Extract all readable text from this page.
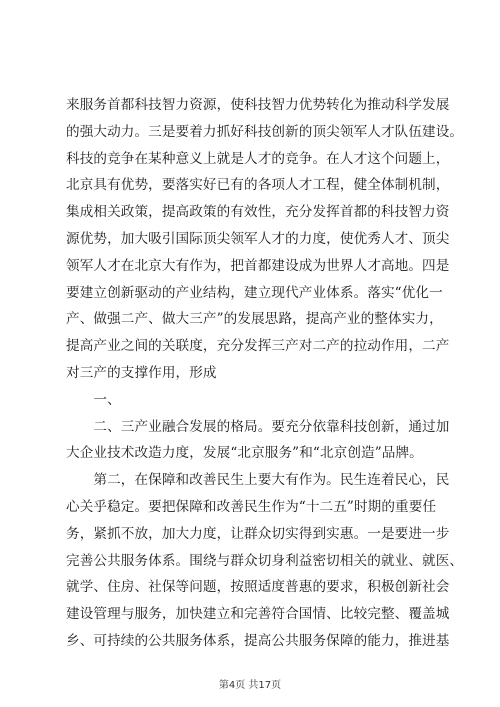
来服务首都科技智力资源，使科技智力优势转化为推动科学发展
的强大动力。三是要着力抓好科技创新的顶尖领军人才队伍建设。
科技的竞争在某种意义上就是人才的竞争。在人才这个问题上，
北京具有优势，要落实好已有的各项人才工程，健全体制机制，
集成相关政策，提高政策的有效性，充分发挥首都的科技智力资
源优势，加大吸引国际顶尖领军人才的力度，使优秀人才、顶尖
领军人才在北京大有作为，把首都建设成为世界人才高地。四是
要建立创新驱动的产业结构，建立现代产业体系。落实“优化一
产、做强二产、做大三产”的发展思路，提高产业的整体实力，
提高产业之间的关联度，充分发挥三产对二产的拉动作用，二产
对三产的支撑作用，形成
　　一、
　　二、三产业融合发展的格局。要充分依靠科技创新，通过加
大企业技术改造力度，发展“北京服务”和“北京创造”品牌。
　　第二，在保障和改善民生上要大有作为。民生连着民心，民
心关乎稳定。要把保障和改善民生作为“十二五”时期的重要任
务，紧抓不放，加大力度，让群众切实得到实惠。一是要进一步
完善公共服务体系。围绕与群众切身利益密切相关的就业、就医、
就学、住房、社保等问题，按照适度普惠的要求，积极创新社会
建设管理与服务，加快建立和完善符合国情、比较完整、覆盖城
乡、可持续的公共服务体系，提高公共服务保障的能力，推进基
第4页 共17页
